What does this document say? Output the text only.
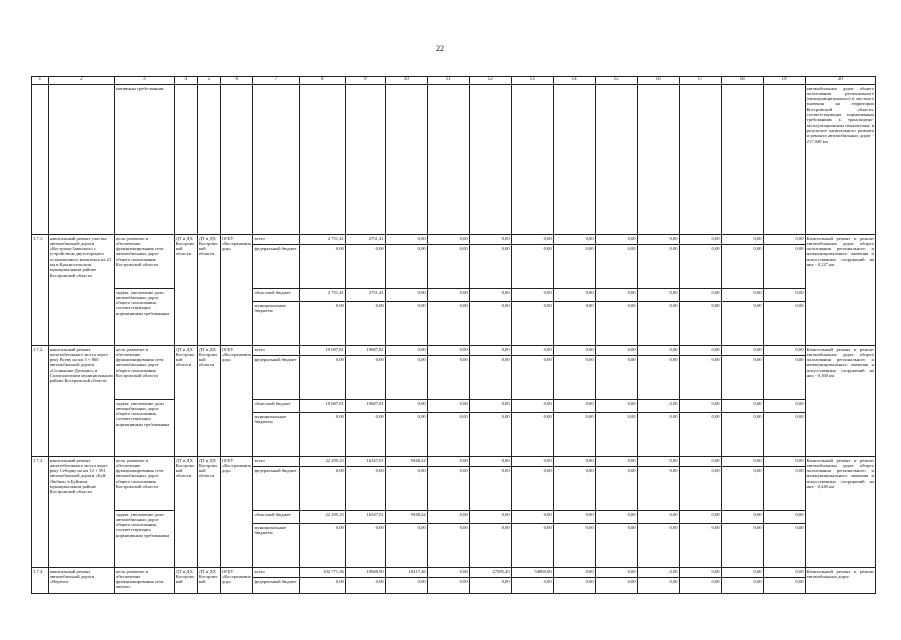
22
1	2	3	4	5	6	7	8	9	10	11	12	13	14	15	16	17	18	19	20
		мативным требо-ваниям																	автомобильных дорог общего пользования регионального (межмуниципального) и местного значения на территории Костромской области, соответствующих нормативным требованиям к транспортно-эксплуатационным показателям, в результате капитального ремонта и ремонта автомобильных дорог - 217,049 км
1.7.1.	капитальный ремонт участка автомобильной дороги «Кострома-Заволжье» с устройством двухсторонего остановочного комплекса на 21 км в Красносельском муниципальном районе Костромской области	цель: развитие и обеспечение функционирования сети автомобильных дорог общего пользования Костромской области	ДТ и ДХ Костромской области	ДТ и ДХ Костромской области	ОГБУ «Костромаавтодор»	всего	2 751,41	2751,41	0,00	0,00	0,00	0,00	0,00	0,00	0,00	0,00	0,00	0,00	Капитальный ремонт и ремонт автомобильных дорог общего пользования регионального и межмуниципального значения и искусственных сооружений на них - 0,127 км
						федеральный бюджет	0,00	0,00	0,00	0,00	0,00	0,00	0,00	0,00	0,00	0,00	0,00	0,00	
		задача: увеличение доли автомобильных дорог общего пользования, соответствующих нормативным требованиям				областной бюджет	2 751,41	2751,41	0,00	0,00	0,00	0,00	0,00	0,00	0,00	0,00	0,00	0,00	
						муниципальные бюджеты	0,00	0,00	0,00	0,00	0,00	0,00	0,00	0,00	0,00	0,00	0,00	0,00	
1.7.2.	капитальный ремонт железобетонного моста через реку Всеву на км 3 + 860 автомобильной дороги «Солнышко-Доскино» в Солигаличском муниципальном районе Костромской области	цель: развитие и обеспечение функционирования сети автомобильных дорог общего пользования Костромской области	ДТ и ДХ Костромской области	ДТ и ДХ Костромской области	ОГБУ «Костромаавтодор»	всего	19 687,81	19687,81	0,00	0,00	0,00	0,00	0,00	0,00	0,00	0,00	0,00	0,00	Капитальный ремонт и ремонт автомобильных дорог общего пользования регионального и межмуниципального значения и искусственных сооружений на них - 0,160 км
						федеральный бюджет	0,00	0,00	0,00	0,00	0,00	0,00	0,00	0,00	0,00	0,00	0,00	0,00	
		задача: увеличение доли автомобильных дорог общего пользования, соответствующих нормативным требованиям				областной бюджет	19 687,81	19687,81	0,00	0,00	0,00	0,00	0,00	0,00	0,00	0,00	0,00	0,00	
						муниципальные бюджеты	0,00	0,00	0,00	0,00	0,00	0,00	0,00	0,00	0,00	0,00	0,00	0,00	
1.7.3.	капитальный ремонт железобетонного моста через реку Себорку на км 12 + 591 автомобильной дороги «Буй-Любим» в Буйском муниципальном районе Костромской области	цель: развитие и обеспечение функционирования сети автомобильных дорог общего пользования Костромской области	ДТ и ДХ Костромской области	ДТ и ДХ Костромской области	ОГБУ «Костромаавтодор»	всего	22 295,25	16347,01	5948,24	0,00	0,00	0,00	0,00	0,00	0,00	0,00	0,00	0,00	Капитальный ремонт и ремонт автомобильных дорог общего пользования регионального и межмуниципального значения и искусственных сооружений на них - 0,240 км
						федеральный бюджет	0,00	0,00	0,00	0,00	0,00	0,00	0,00	0,00	0,00	0,00	0,00	0,00	
		задача: увеличение доли автомобильных дорог общего пользования, соответствующих нормативным требованиям				областной бюджет	22 295,25	16347,01	5948,24	0,00	0,00	0,00	0,00	0,00	0,00	0,00	0,00	0,00	
						муниципальные бюджеты	0,00	0,00	0,00	0,00	0,00	0,00	0,00	0,00	0,00	0,00	0,00	0,00	
1.7.4.	капитальный ремонт автомобильной дороги «Нерехта-	цель: развитие и обеспечение функционирования сети автомо-	ДТ и ДХ Костромской	ДТ и ДХ Костромской	ОГБУ «Костромаавтодор»	всего	102 771,36	10068,90	10317,26	0,00	27585,20	54800,00	0,00	0,00	0,00	0,00	0,00	0,00	Капитальный ремонт и ремонт автомобильных дорог
						федеральный бюджет	0,00	0,00	0,00	0,00	0,00	0,00	0,00	0,00	0,00	0,00	0,00	0,00	
